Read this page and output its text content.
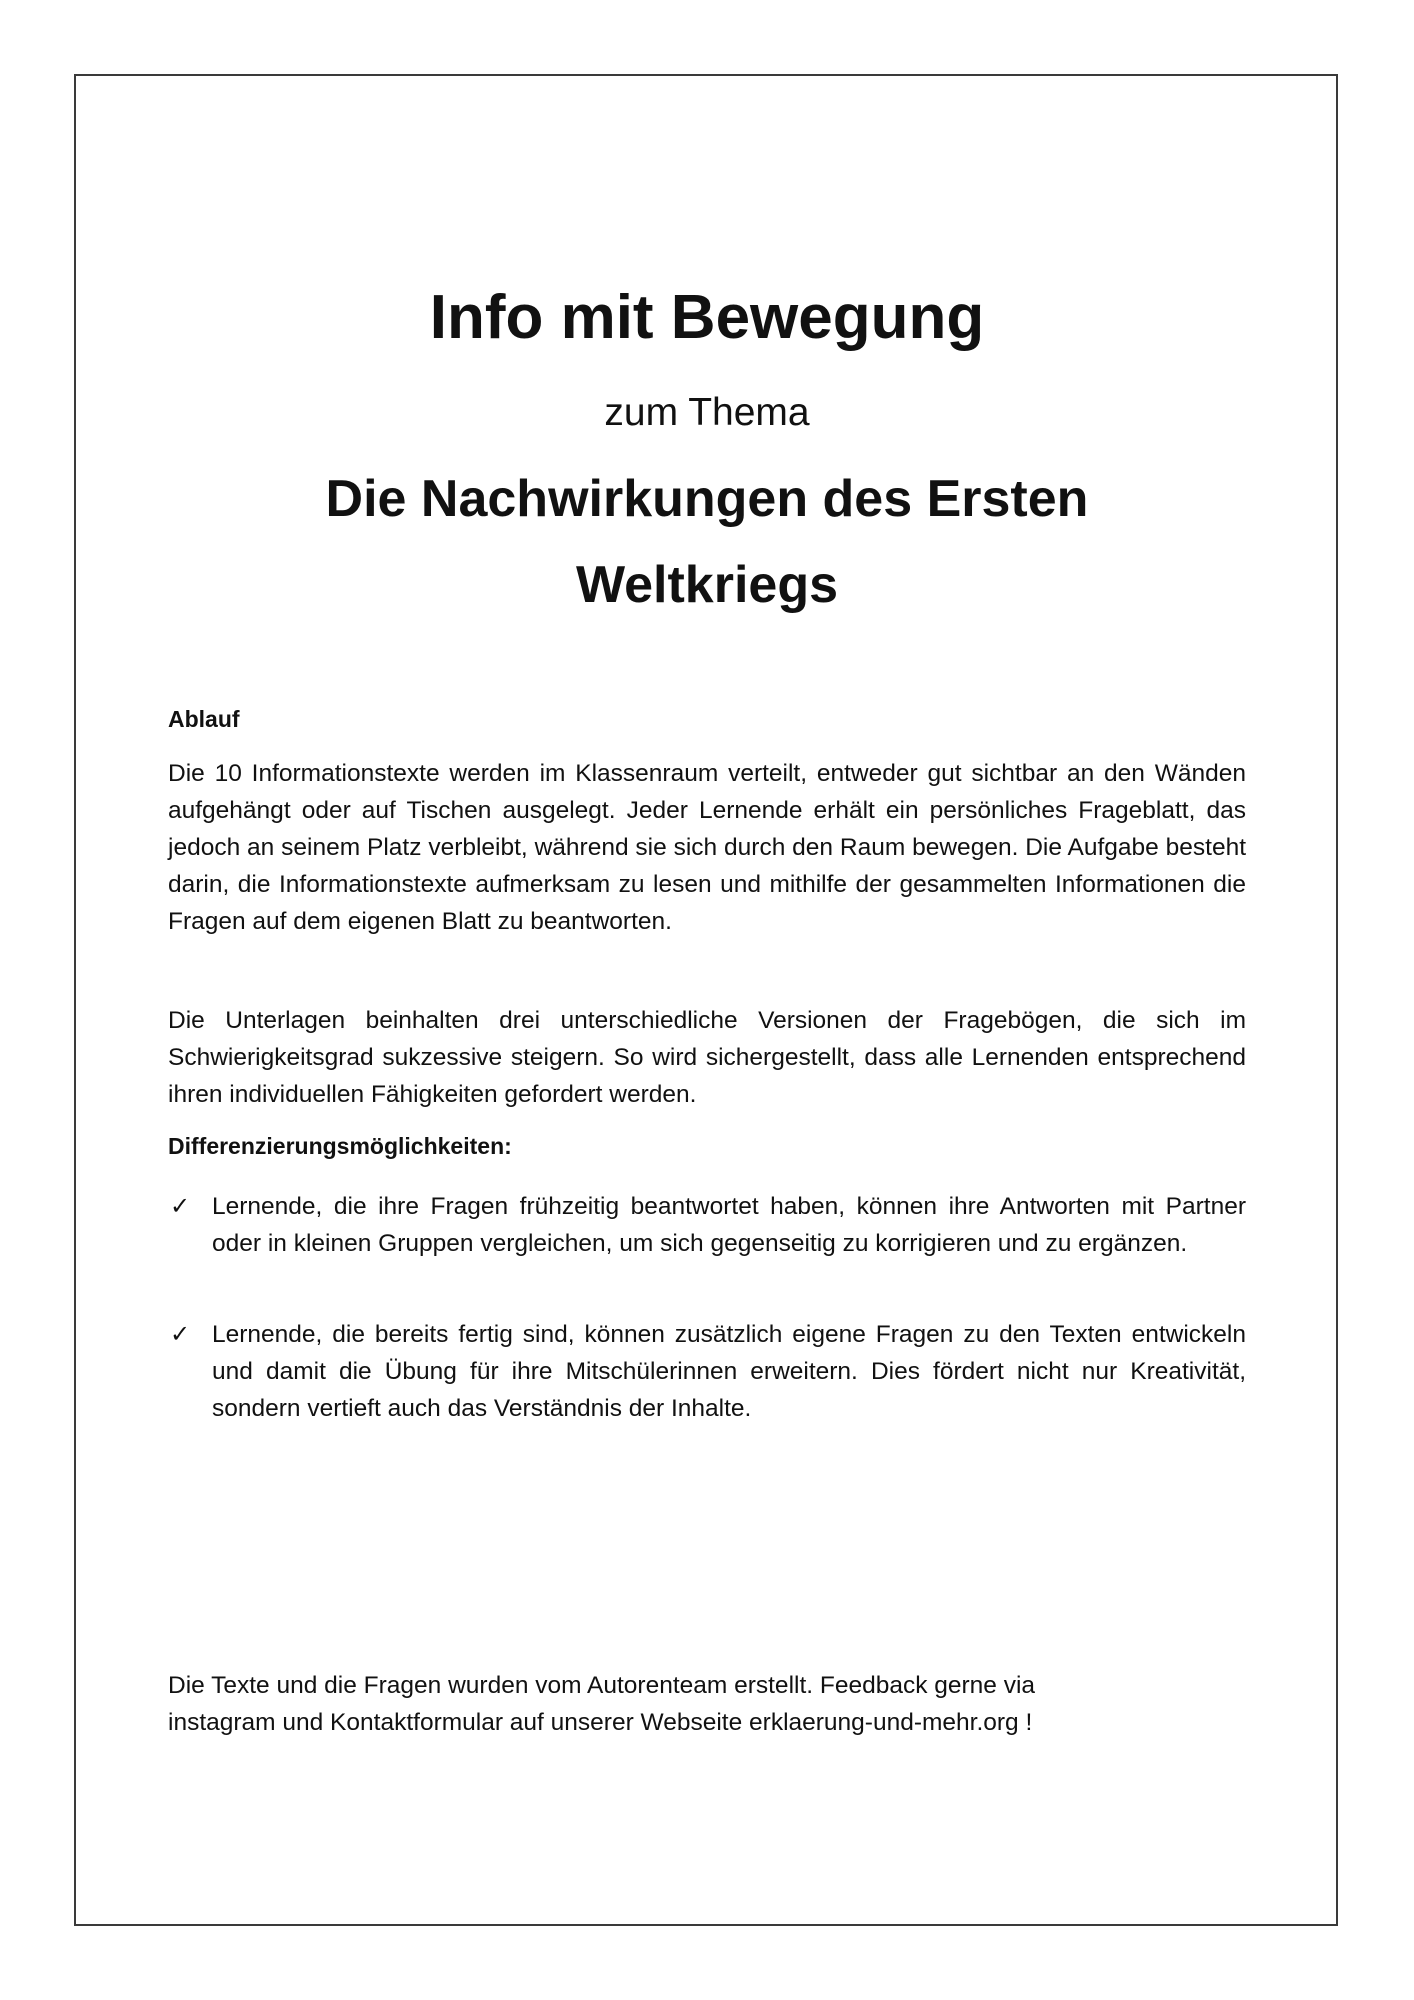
Info mit Bewegung

zum Thema

Die Nachwirkungen des Ersten Weltkriegs
Ablauf

Die 10 Informationstexte werden im Klassenraum verteilt, entweder gut sichtbar an den Wänden aufgehängt oder auf Tischen ausgelegt. Jeder Lernende erhält ein persönliches Frageblatt, das jedoch an seinem Platz verbleibt, während sie sich durch den Raum bewegen. Die Aufgabe besteht darin, die Informationstexte aufmerksam zu lesen und mithilfe der gesammelten Informationen die Fragen auf dem eigenen Blatt zu beantworten.

Die Unterlagen beinhalten drei unterschiedliche Versionen der Fragebögen, die sich im Schwierigkeitsgrad sukzessive steigern. So wird sichergestellt, dass alle Lernenden entsprechend ihren individuellen Fähigkeiten gefordert werden.

Differenzierungsmöglichkeiten:
✓ Lernende, die ihre Fragen frühzeitig beantwortet haben, können ihre Antworten mit Partner oder in kleinen Gruppen vergleichen, um sich gegenseitig zu korrigieren und zu ergänzen.

✓ Lernende, die bereits fertig sind, können zusätzlich eigene Fragen zu den Texten entwickeln und damit die Übung für ihre Mitschülerinnen erweitern. Dies fördert nicht nur Kreativität, sondern vertieft auch das Verständnis der Inhalte.

Die Texte und die Fragen wurden vom Autorenteam erstellt. Feedback gerne via

instagram und Kontaktformular auf unserer Webseite erklaerung-und-mehr.org !
